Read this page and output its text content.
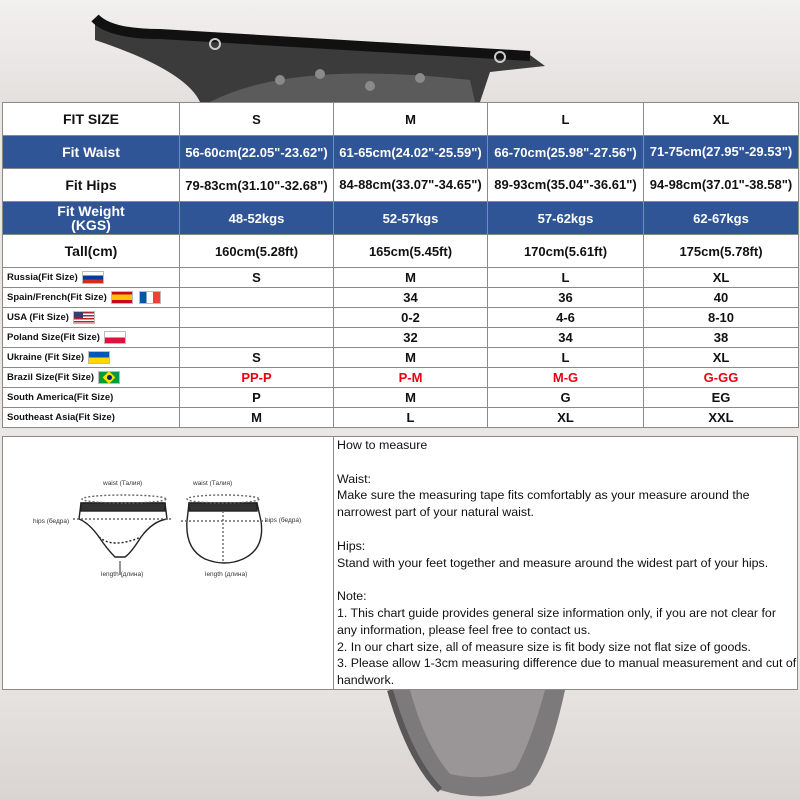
FIT SIZE	S	M	L	XL
Fit Waist	56-60cm(22.05"-23.62")	61-65cm(24.02"-25.59")	66-70cm(25.98"-27.56")	71-75cm(27.95"-29.53")
Fit Hips	79-83cm(31.10"-32.68")	84-88cm(33.07"-34.65")	89-93cm(35.04"-36.61")	94-98cm(37.01"-38.58")
Fit Weight (KGS)	48-52kgs	52-57kgs	57-62kgs	62-67kgs
Tall(cm)	160cm(5.28ft)	165cm(5.45ft)	170cm(5.61ft)	175cm(5.78ft)
Russia(Fit Size)	S	M	L	XL
Spain/French(Fit Size)		34	36	40
USA (Fit Size)		0-2	4-6	8-10
Poland Size(Fit Size)		32	34	38
Ukraine (Fit Size)	S	M	L	XL
Brazil Size(Fit Size)	PP-P	P-M	M-G	G-GG
South America(Fit Size)	P	M	G	EG
Southeast Asia(Fit Size)	M	L	XL	XXL
waist (Талия)
hips (бедра)
length (длина)
waist (Талия)
hips (бедра)
length (длина)

How to measure

Waist:

Make sure the measuring tape fits comfortably as your measure around the narrowest part of your natural waist.

Hips:

Stand with your feet together and measure around the widest part of your hips.

Note:

1. This chart guide provides general size information only, if you are not clear for any information, please feel free to contact us.

2. In our chart size, all of measure size is fit body size not flat size of goods.

3. Please allow 1-3cm measuring difference due to manual measurement and cut of handwork.
